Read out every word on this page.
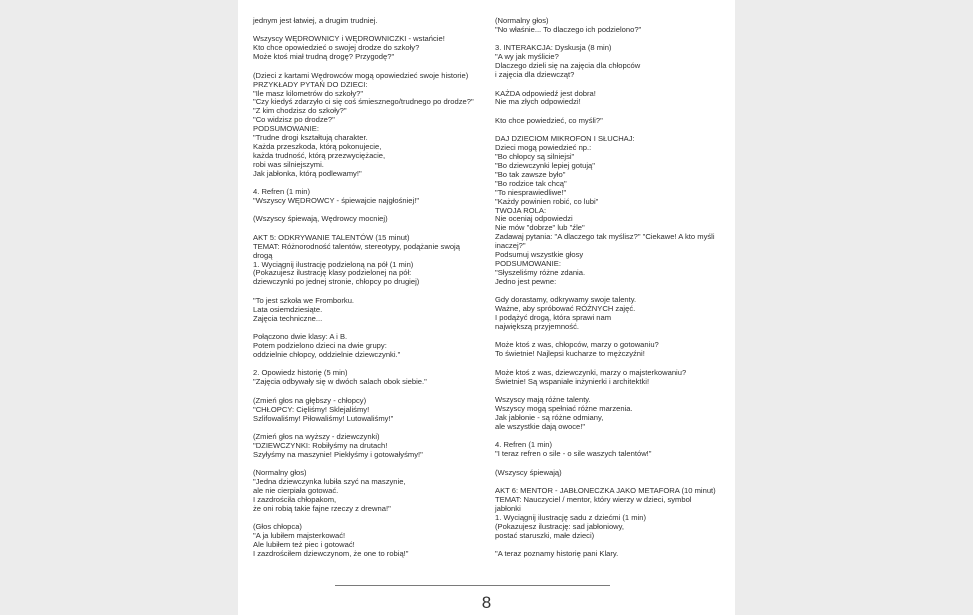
jednym jest łatwiej, a drugim trudniej.
Wszyscy WĘDROWNICY i WĘDROWNICZKI - wstańcie!
Kto chce opowiedzieć o swojej drodze do szkoły?
Może ktoś miał trudną drogę? Przygodę?"
(Dzieci z kartami Wędrowców mogą opowiedzieć swoje historie)
PRZYKŁADY PYTAŃ DO DZIECI:
"Ile masz kilometrów do szkoły?"
"Czy kiedyś zdarzyło ci się coś śmiesznego/trudnego po drodze?"
"Z kim chodzisz do szkoły?"
"Co widzisz po drodze?"
PODSUMOWANIE:
"Trudne drogi kształtują charakter.
Każda przeszkoda, którą pokonujecie,
każda trudność, którą przezwyciężacie,
robi was silniejszymi.
Jak jabłonka, którą podlewamy!"
4. Refren (1 min)
"Wszyscy WĘDROWCY - śpiewajcie najgłośniej!"
(Wszyscy śpiewają, Wędrowcy mocniej)
AKT 5: ODKRYWANIE TALENTÓW (15 minut)
TEMAT: Różnorodność talentów, stereotypy, podążanie swoją
drogą
1. Wyciągnij ilustrację podzieloną na pół (1 min)
(Pokazujesz ilustrację klasy podzielonej na pół:
dziewczynki po jednej stronie, chłopcy po drugiej)
"To jest szkoła we Fromborku.
Lata osiemdziesiąte.
Zajęcia techniczne...
Połączono dwie klasy: A i B.
Potem podzielono dzieci na dwie grupy:
oddzielnie chłopcy, oddzielnie dziewczynki."
2. Opowiedz historię (5 min)
"Zajęcia odbywały się w dwóch salach obok siebie."
(Zmień głos na głębszy - chłopcy)
"CHŁOPCY: Cięliśmy! Sklejaliśmy!
Szlifowaliśmy! Piłowaliśmy! Lutowaliśmy!"
(Zmień głos na wyższy - dziewczynki)
"DZIEWCZYNKI: Robiłyśmy na drutach!
Szyłyśmy na maszynie! Piekłyśmy i gotowałyśmy!"
(Normalny głos)
"Jedna dziewczynka lubiła szyć na maszynie,
ale nie cierpiała gotować.
I zazdrościła chłopakom,
że oni robią takie fajne rzeczy z drewna!"
(Głos chłopca)
"A ja lubiłem majsterkować!
Ale lubiłem też piec i gotować!
I zazdrościłem dziewczynom, że one to robią!"
(Normalny głos)
"No właśnie... To dlaczego ich podzielono?"
3. INTERAKCJA: Dyskusja (8 min)
"A wy jak myślicie?
Dlaczego dzieli się na zajęcia dla chłopców
i zajęcia dla dziewcząt?
KAŻDA odpowiedź jest dobra!
Nie ma złych odpowiedzi!
Kto chce powiedzieć, co myśli?"
DAJ DZIECIOM MIKROFON I SŁUCHAJ:
Dzieci mogą powiedzieć np.:
"Bo chłopcy są silniejsi"
"Bo dziewczynki lepiej gotują"
"Bo tak zawsze było"
"Bo rodzice tak chcą"
"To niesprawiedliwe!"
"Każdy powinien robić, co lubi"
TWOJA ROLA:
Nie oceniaj odpowiedzi
Nie mów "dobrze" lub "źle"
Zadawaj pytania: "A dlaczego tak myślisz?" "Ciekawe! A kto myśli
inaczej?"
Podsumuj wszystkie głosy
PODSUMOWANIE:
"Słyszeliśmy różne zdania.
Jedno jest pewne:
Gdy dorastamy, odkrywamy swoje talenty.
Ważne, aby spróbować RÓŻNYCH zajęć.
I podążyć drogą, która sprawi nam
największą przyjemność.
Może ktoś z was, chłopców, marzy o gotowaniu?
To świetnie! Najlepsi kucharze to mężczyźni!
Może ktoś z was, dziewczynki, marzy o majsterkowaniu?
Świetnie! Są wspaniałe inżynierki i architektki!
Wszyscy mają różne talenty.
Wszyscy mogą spełniać różne marzenia.
Jak jabłonie - są różne odmiany,
ale wszystkie dają owoce!"
4. Refren (1 min)
"I teraz refren o sile - o sile waszych talentów!"
(Wszyscy śpiewają)
AKT 6: MENTOR - JABŁONECZKA JAKO METAFORA (10 minut)
TEMAT: Nauczyciel / mentor, który wierzy w dzieci, symbol
jabłonki
1. Wyciągnij ilustrację sadu z dziećmi (1 min)
(Pokazujesz ilustrację: sad jabłoniowy,
postać staruszki, małe dzieci)
"A teraz poznamy historię pani Klary.
8
